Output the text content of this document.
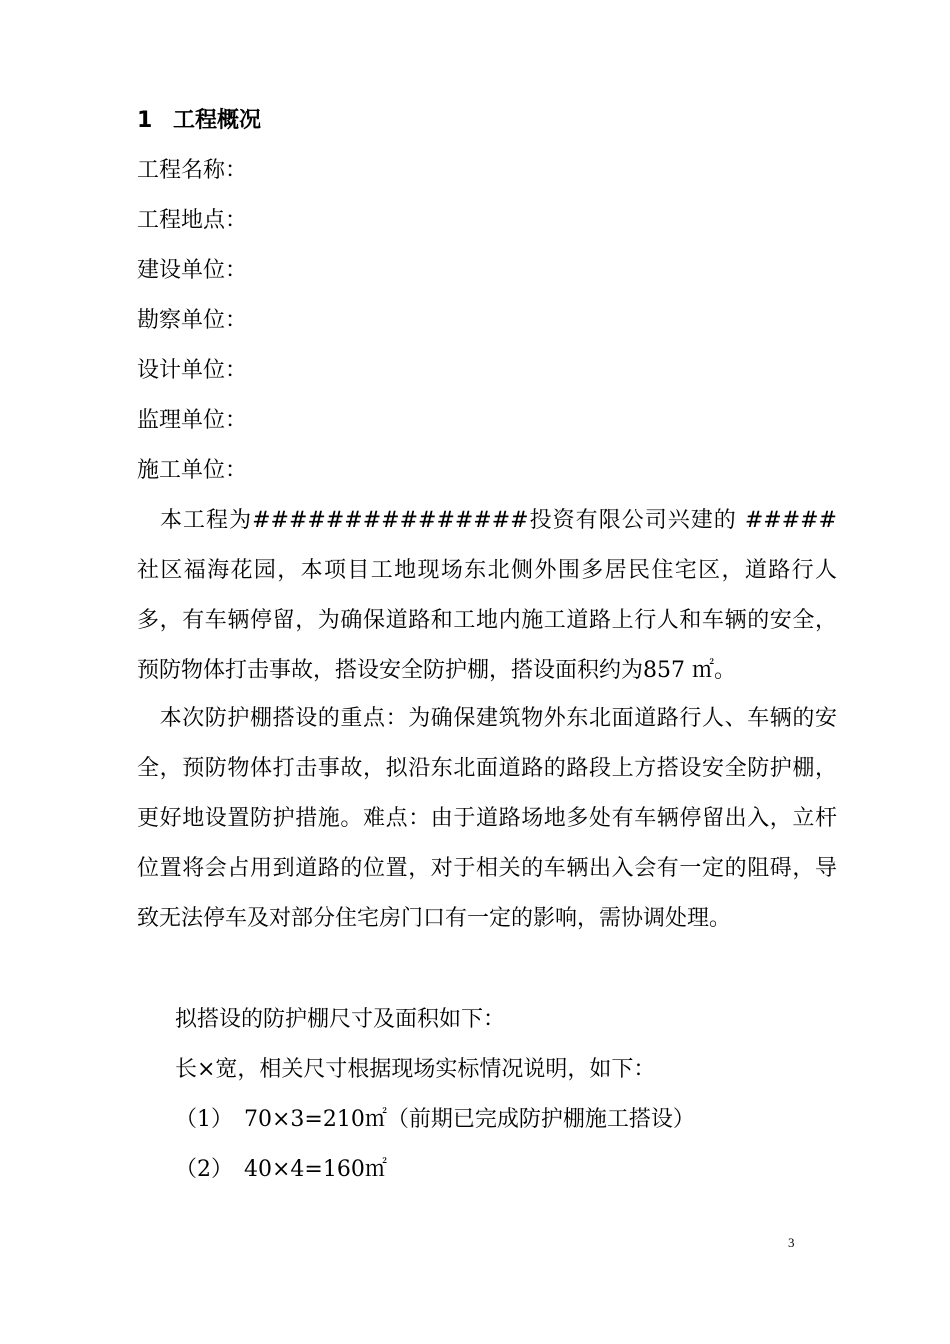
1 工程概况
工程名称：
工程地点：
建设单位：
勘察单位：
设计单位：
监理单位：
施工单位：
　本工程为###############投资有限公司兴建的 #####社区福海花园，本项目工地现场东北侧外围多居民住宅区，道路行人多，有车辆停留，为确保道路和工地内施工道路上行人和车辆的安全，预防物体打击事故，搭设安全防护棚，搭设面积约为857 ㎡。
　本次防护棚搭设的重点：为确保建筑物外东北面道路行人、车辆的安全，预防物体打击事故，拟沿东北面道路的路段上方搭设安全防护棚，更好地设置防护措施。难点：由于道路场地多处有车辆停留出入，立杆位置将会占用到道路的位置，对于相关的车辆出入会有一定的阻碍，导致无法停车及对部分住宅房门口有一定的影响，需协调处理。
拟搭设的防护棚尺寸及面积如下：
长×宽，相关尺寸根据现场实标情况说明，如下：
（1）　70×3=210㎡（前期已完成防护棚施工搭设）
（2）　40×4=160㎡
3
